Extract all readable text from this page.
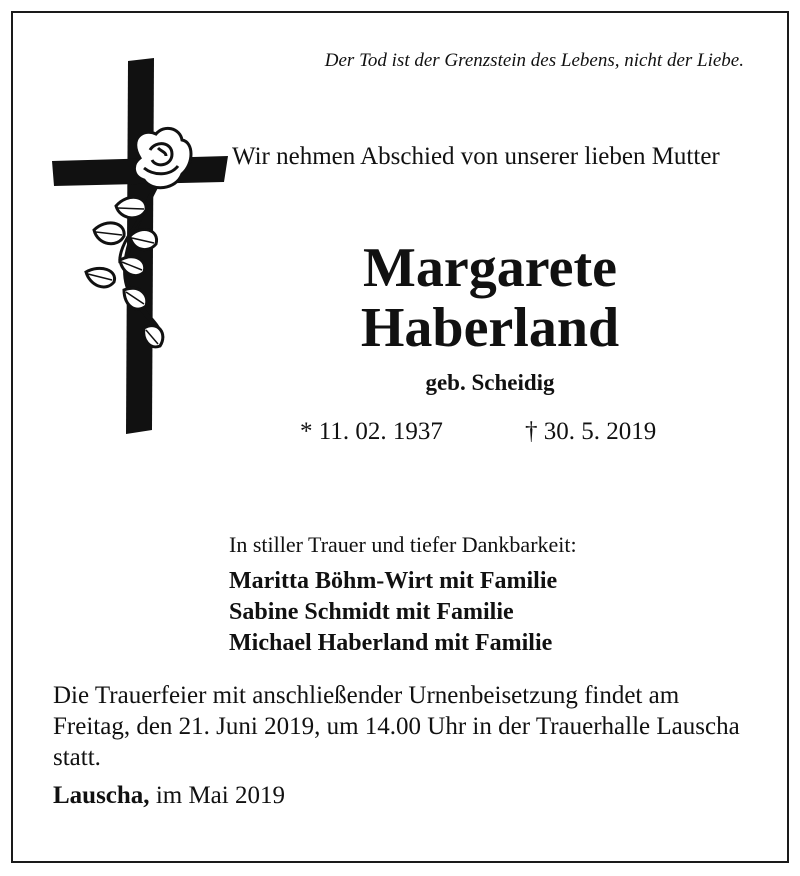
Der Tod ist der Grenzstein des Lebens, nicht der Liebe.
Wir nehmen Abschied von unserer lieben Mutter
Margarete
Haberland
geb. Scheidig
* 11. 02. 1937	† 30. 5. 2019
In stiller Trauer und tiefer Dankbarkeit:
Maritta Böhm-Wirt mit Familie
Sabine Schmidt mit Familie
Michael Haberland mit Familie
Die Trauerfeier mit anschließender Urnenbeisetzung findet am Freitag, den 21. Juni 2019, um 14.00 Uhr in der Trauerhalle Lauscha statt.
Lauscha, im Mai 2019
